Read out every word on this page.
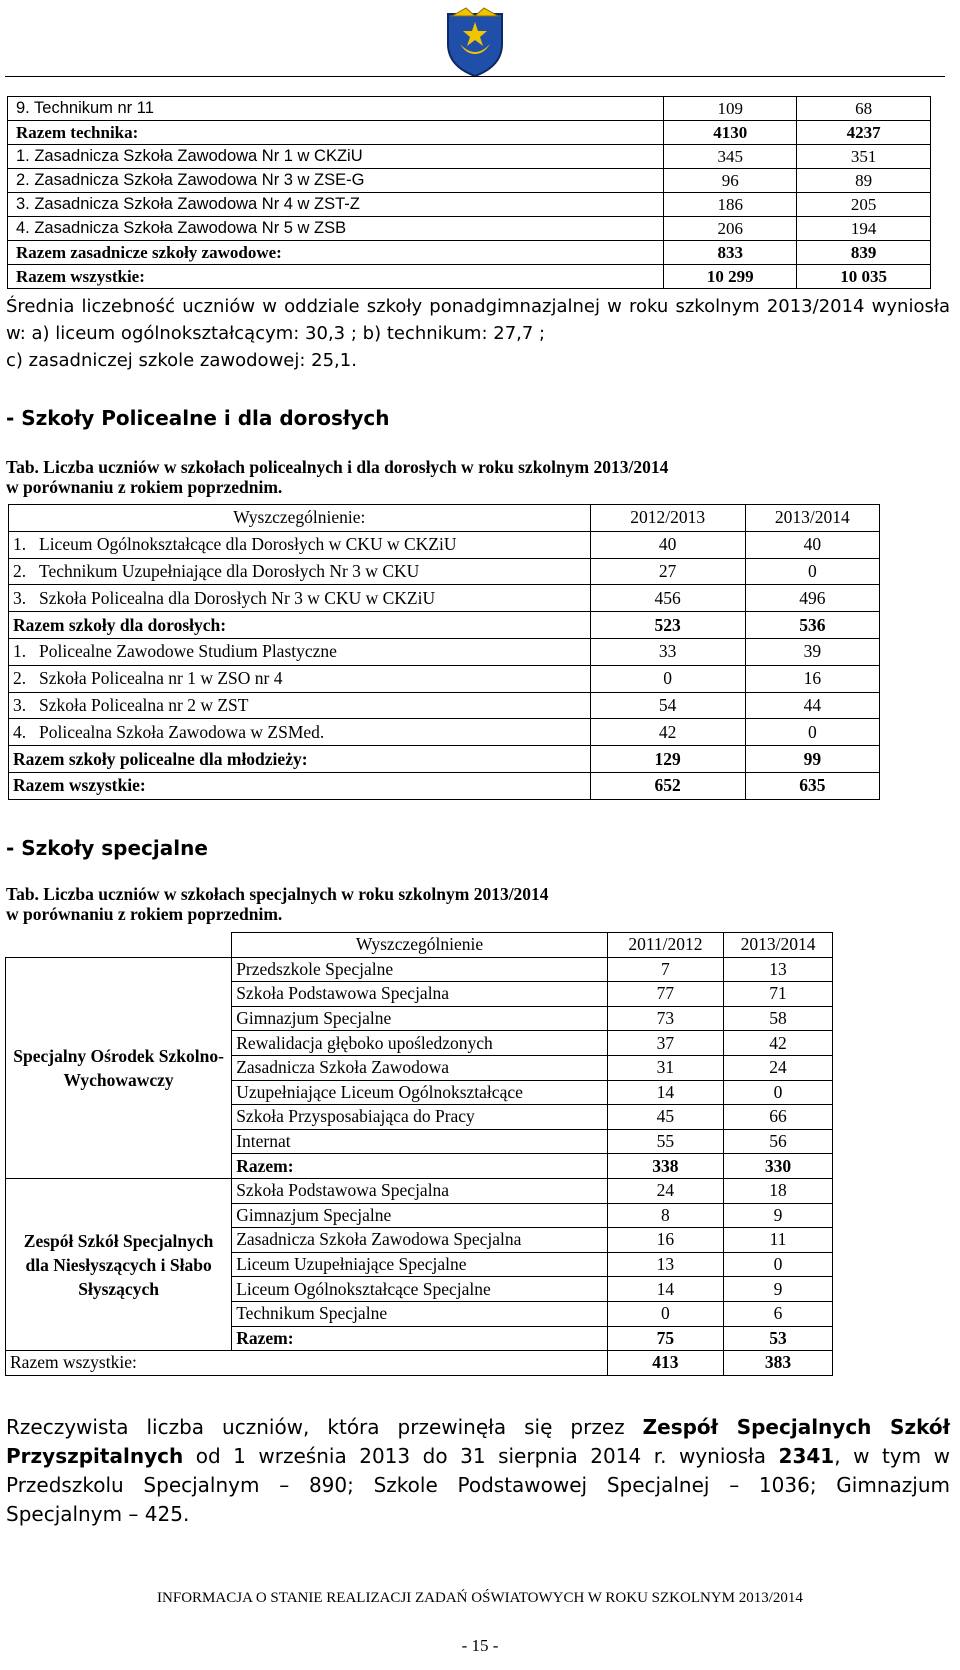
9. Technikum nr 11	109	68
Razem technika:	4130	4237
1. Zasadnicza Szkoła Zawodowa Nr 1 w CKZiU	345	351
2. Zasadnicza Szkoła Zawodowa Nr 3 w ZSE-G	96	89
3. Zasadnicza Szkoła Zawodowa Nr 4 w ZST-Z	186	205
4. Zasadnicza Szkoła Zawodowa Nr 5 w ZSB	206	194
Razem zasadnicze szkoły zawodowe:	833	839
Razem wszystkie:	10 299	10 035
Średnia liczebność uczniów w oddziale szkoły ponadgimnazjalnej w roku szkolnym 2013/2014 wyniosła w: a) liceum ogólnokształcącym: 30,3 ; b) technikum: 27,7 ;
c) zasadniczej szkole zawodowej: 25,1.
- Szkoły Policealne i dla dorosłych
Tab. Liczba uczniów w szkołach policealnych i dla dorosłych w roku szkolnym 2013/2014
w porównaniu z rokiem poprzednim.
Wyszczególnienie:	2012/2013	2013/2014
1. Liceum Ogólnokształcące dla Dorosłych w CKU w CKZiU	40	40
2. Technikum Uzupełniające dla Dorosłych Nr 3 w CKU	27	0
3. Szkoła Policealna dla Dorosłych Nr 3 w CKU w CKZiU	456	496
Razem szkoły dla dorosłych:	523	536
1. Policealne Zawodowe Studium Plastyczne	33	39
2. Szkoła Policealna nr 1 w ZSO nr 4	0	16
3. Szkoła Policealna nr 2 w ZST	54	44
4. Policealna Szkoła Zawodowa w ZSMed.	42	0
Razem szkoły policealne dla młodzieży:	129	99
Razem wszystkie:	652	635
- Szkoły specjalne
Tab. Liczba uczniów w szkołach specjalnych w roku szkolnym 2013/2014
w porównaniu z rokiem poprzednim.
	Wyszczególnienie	2011/2012	2013/2014
Specjalny Ośrodek Szkolno-Wychowawczy	Przedszkole Specjalne	7	13
	Szkoła Podstawowa Specjalna	77	71
	Gimnazjum Specjalne	73	58
	Rewalidacja głęboko upośledzonych	37	42
	Zasadnicza Szkoła Zawodowa	31	24
	Uzupełniające Liceum Ogólnokształcące	14	0
	Szkoła Przysposabiająca do Pracy	45	66
	Internat	55	56
	Razem:	338	330
Zespół Szkół Specjalnych dla Niesłyszących i Słabo Słyszących	Szkoła Podstawowa Specjalna	24	18
	Gimnazjum Specjalne	8	9
	Zasadnicza Szkoła Zawodowa Specjalna	16	11
	Liceum Uzupełniające Specjalne	13	0
	Liceum Ogólnokształcące Specjalne	14	9
	Technikum Specjalne	0	6
	Razem:	75	53
Razem wszystkie:		413	383
Rzeczywista liczba uczniów, która przewinęła się przez Zespół Specjalnych Szkół Przyszpitalnych od 1 września 2013 do 31 sierpnia 2014 r. wyniosła 2341, w tym w Przedszkolu Specjalnym – 890; Szkole Podstawowej Specjalnej – 1036; Gimnazjum Specjalnym – 425.
INFORMACJA O STANIE REALIZACJI ZADAŃ OŚWIATOWYCH W ROKU SZKOLNYM 2013/2014
- 15 -
